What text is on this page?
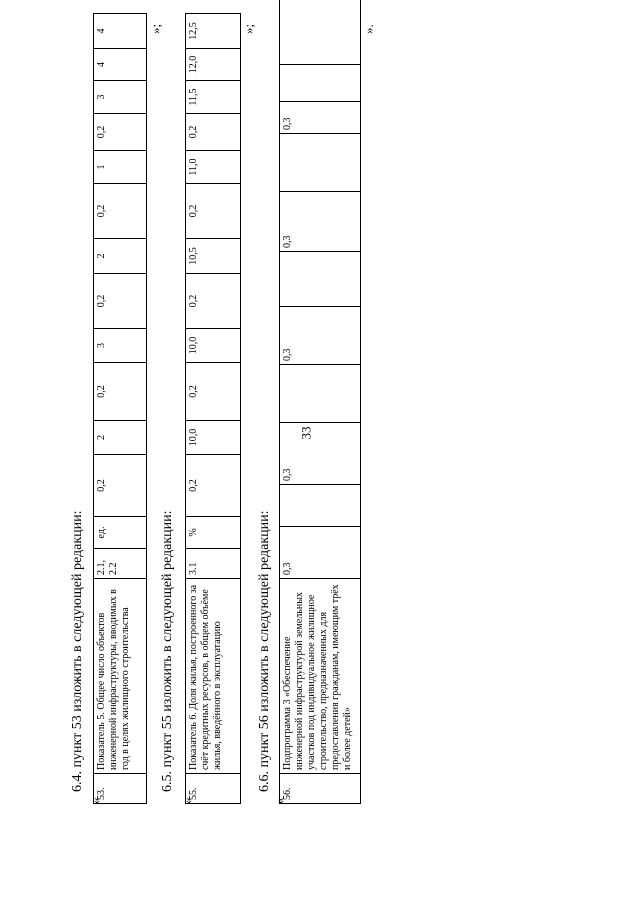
33
6.4. пункт 53 изложить в следующей редакции:
«
53.	Показатель 5. Общее число объектов инженерной инфраструктуры, вводимых в год в целях жилищного строительства	2.1, 2.2	ед.	0,2	2	0,2	3	0,2	2	0,2	1	0,2	3	4	4	»;
6.5. пункт 55 изложить в следующей редакции:
«
55.	Показатель 6. Доля жилья, построенного за счёт кредитных ресурсов, в общем объёме жилья, введённого в эксплуатацию	3.1	%	0,2	10,0	0,2	10,0	0,2	10,5	0,2	11,0	0,2	11,5	12,0	12,5	»;
6.6. пункт 56 изложить в следующей редакции:
«
56.	Подпрограмма 3 «Обеспечение инженерной инфраструктурой земельных участков под индивидуальное жилищное строительство, предназначенных для предоставления гражданам, имеющим трёх и более детей»	0,3		0,3		0,3		0,3		0,3			
».
